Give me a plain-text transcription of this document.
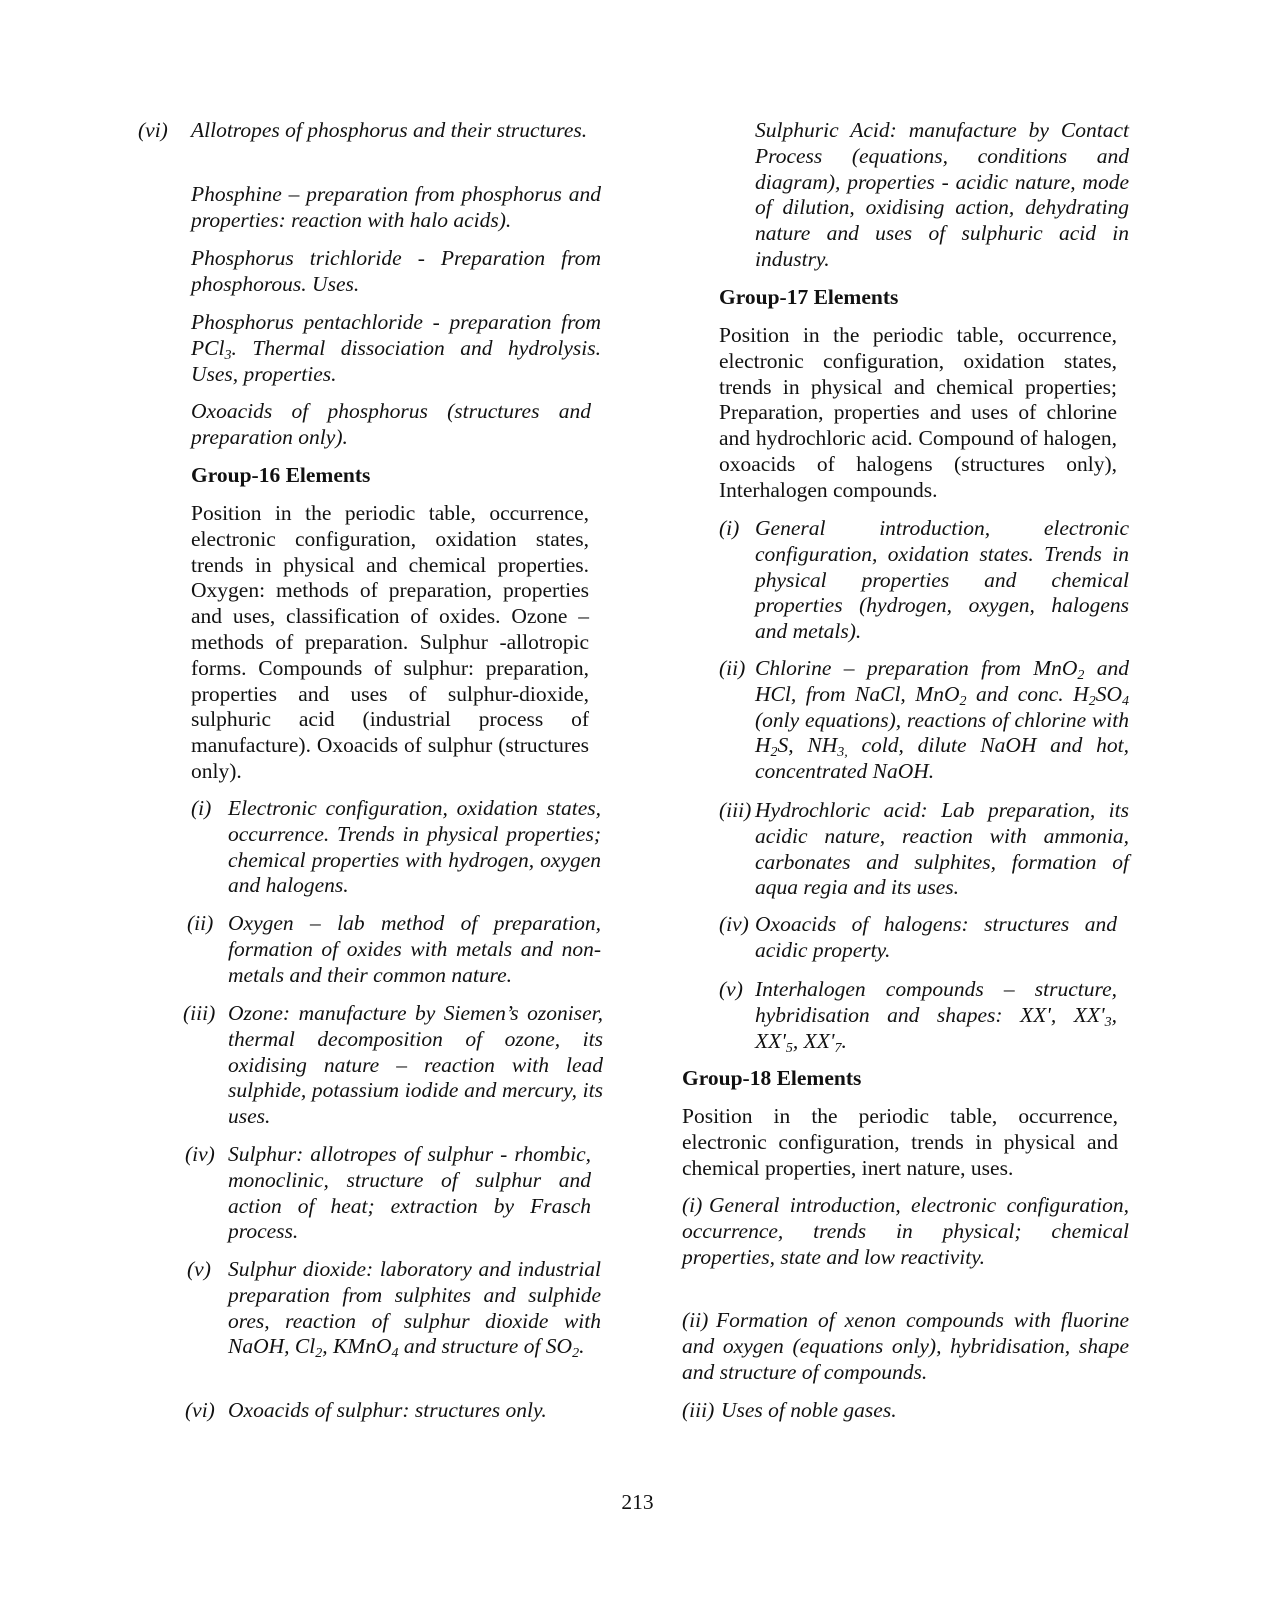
(vi) Allotropes of phosphorus and their structures.

Phosphine – preparation from phosphorus and properties: reaction with halo acids).

Phosphorus trichloride - Preparation from phosphorous. Uses.

Phosphorus pentachloride - preparation from PCl$_3$. Thermal dissociation and hydrolysis. Uses, properties.

Oxoacids of phosphorus (structures and preparation only).

Group-16 Elements

Position in the periodic table, occurrence, electronic configuration, oxidation states, trends in physical and chemical properties. Oxygen: methods of preparation, properties and uses, classification of oxides. Ozone – methods of preparation. Sulphur -allotropic forms. Compounds of sulphur: preparation, properties and uses of sulphur-dioxide, sulphuric acid (industrial process of manufacture). Oxoacids of sulphur (structures only).

(i) Electronic configuration, oxidation states, occurrence. Trends in physical properties; chemical properties with hydrogen, oxygen and halogens.

(ii) Oxygen – lab method of preparation, formation of oxides with metals and non-metals and their common nature.

(iii) Ozone: manufacture by Siemen’s ozoniser, thermal decomposition of ozone, its oxidising nature – reaction with lead sulphide, potassium iodide and mercury, its uses.

(iv) Sulphur: allotropes of sulphur - rhombic, monoclinic, structure of sulphur and action of heat; extraction by Frasch process.

(v) Sulphur dioxide: laboratory and industrial preparation from sulphites and sulphide ores, reaction of sulphur dioxide with NaOH, $Cl_2$, KMnO$_4$ and structure of $SO_2$.

(vi) Oxoacids of sulphur: structures only.

Sulphuric Acid: manufacture by Contact Process (equations, conditions and diagram), properties - acidic nature, mode of dilution, oxidising action, dehydrating nature and uses of sulphuric acid in industry.

Group-17 Elements

Position in the periodic table, occurrence, electronic configuration, oxidation states, trends in physical and chemical properties; Preparation, properties and uses of chlorine and hydrochloric acid. Compound of halogen, oxoacids of halogens (structures only), Interhalogen compounds.

(i) General introduction, electronic configuration, oxidation states. Trends in physical properties and chemical properties (hydrogen, oxygen, halogens and metals).

(ii) Chlorine – preparation from MnO$_2$ and HCl, from NaCl, MnO$_2$ and conc. $H_2SO_4$ (only equations), reactions of chlorine with $H_2S$, $NH_{3,}$ cold, dilute NaOH and hot, concentrated NaOH.

(iii) Hydrochloric acid: Lab preparation, its acidic nature, reaction with ammonia, carbonates and sulphites, formation of aqua regia and its uses.

(iv) Oxoacids of halogens: structures and acidic property.

(v) Interhalogen compounds – structure, hybridisation and shapes: XX', $XX'_3$, $XX'_5$, $XX'_7$.

Group-18 Elements

Position in the periodic table, occurrence, electronic configuration, trends in physical and chemical properties, inert nature, uses.

(i) General introduction, electronic configuration, occurrence, trends in physical; chemical properties, state and low reactivity.

(ii) Formation of xenon compounds with fluorine and oxygen (equations only), hybridisation, shape and structure of compounds.

(iii) Uses of noble gases.

213
